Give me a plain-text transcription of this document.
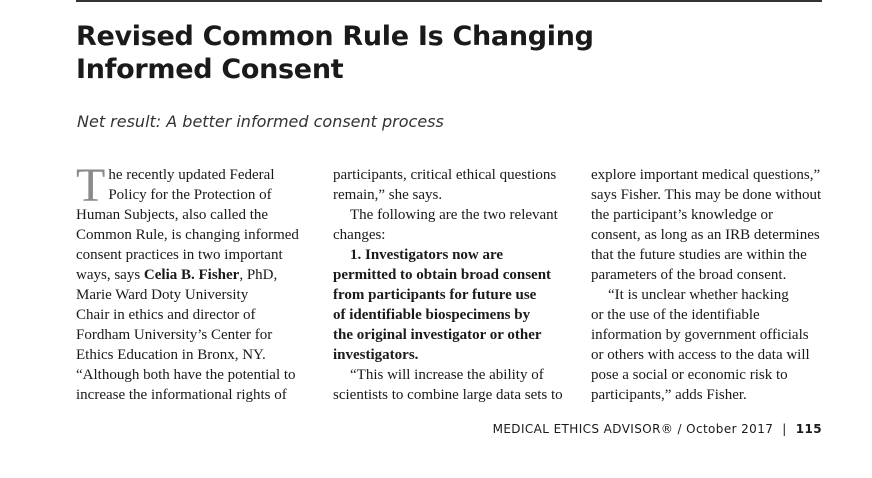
Revised Common Rule Is Changing
Informed Consent
Net result: A better informed consent process
T he recently updated Federal
Policy for the Protection of
Human Subjects, also called the
Common Rule, is changing informed
consent practices in two important
ways, says Celia B. Fisher, PhD,
Marie Ward Doty University
Chair in ethics and director of
Fordham University’s Center for
Ethics Education in Bronx, NY.
“Although both have the potential to
increase the informational rights of
participants, critical ethical questions
remain,” she says.
The following are the two relevant
changes:
1. Investigators now are
permitted to obtain broad consent
from participants for future use
of identifiable biospecimens by
the original investigator or other
investigators.
“This will increase the ability of
scientists to combine large data sets to
explore important medical questions,”
says Fisher. This may be done without
the participant’s knowledge or
consent, as long as an IRB determines
that the future studies are within the
parameters of the broad consent.
“It is unclear whether hacking
or the use of the identifiable
information by government officials
or others with access to the data will
pose a social or economic risk to
participants,” adds Fisher.
MEDICAL ETHICS ADVISOR® / October 2017 | 115
